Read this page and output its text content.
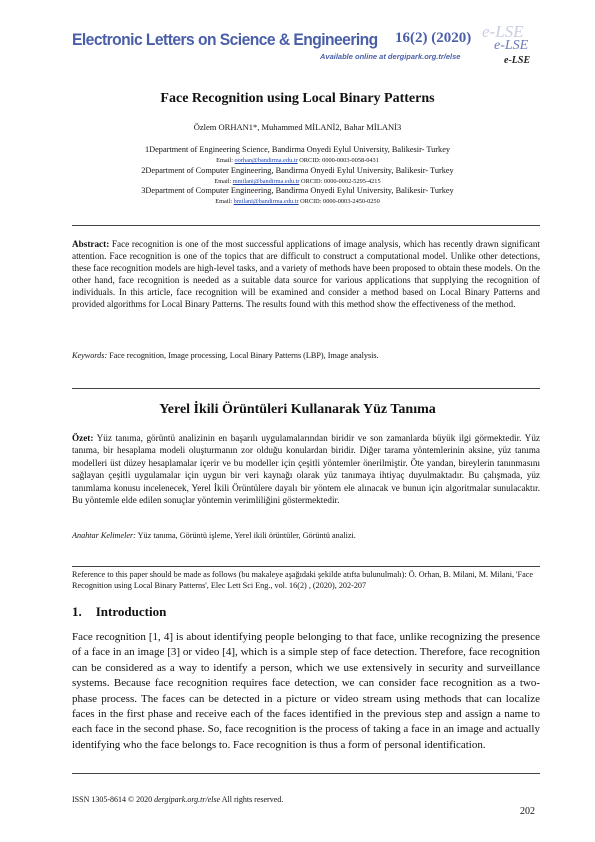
Electronic Letters on Science & Engineering 16(2) (2020)
Available online at dergipark.org.tr/else
e-LSE
e-LSE
e-LSE
Face Recognition using Local Binary Patterns
Özlem ORHAN1*, Muhammed MİLANİ2, Bahar MİLANİ3
1Department of Engineering Science, Bandirma Onyedi Eylul University, Balikesir- Turkey
Email: oorhan@bandirma.edu.tr ORCID: 0000-0003-0058-0431
2Department of Computer Engineering, Bandirma Onyedi Eylul University, Balikesir- Turkey
Email: mmilani@bandirma.edu.tr ORCID: 0000-0002-5295-4215
3Department of Computer Engineering, Bandirma Onyedi Eylul University, Balikesir- Turkey
Email: bmilani@bandirma.edu.tr ORCID: 0000-0003-2450-0250
Abstract: Face recognition is one of the most successful applications of image analysis, which has recently drawn significant attention. Face recognition is one of the topics that are difficult to construct a computational model. Unlike other detections, these face recognition models are high-level tasks, and a variety of methods have been proposed to obtain these models. On the other hand, face recognition is needed as a suitable data source for various applications that supplying the recognition of individuals. In this article, face recognition will be examined and consider a method based on Local Binary Patterns and provided algorithms for Local Binary Patterns. The results found with this method show the effectiveness of the method.
Keywords: Face recognition, Image processing, Local Binary Patterns (LBP), Image analysis.
Yerel İkili Örüntüleri Kullanarak Yüz Tanıma
Özet: Yüz tanıma, görüntü analizinin en başarılı uygulamalarından biridir ve son zamanlarda büyük ilgi görmektedir. Yüz tanıma, bir hesaplama modeli oluşturmanın zor olduğu konulardan biridir. Diğer tarama yöntemlerinin aksine, yüz tanıma modelleri üst düzey hesaplamalar içerir ve bu modeller için çeşitli yöntemler önerilmiştir. Öte yandan, bireylerin tanınmasını sağlayan çeşitli uygulamalar için uygun bir veri kaynağı olarak yüz tanımaya ihtiyaç duyulmaktadır. Bu çalışmada, yüz tanımlama konusu incelenecek, Yerel İkili Örüntülere dayalı bir yöntem ele alınacak ve bunun için algoritmalar sunulacaktır. Bu yöntemle elde edilen sonuçlar yöntemin verimliliğini göstermektedir.
Anahtar Kelimeler: Yüz tanıma, Görüntü işleme, Yerel ikili örüntüler, Görüntü analizi.
Reference to this paper should be made as follows (bu makaleye aşağıdaki şekilde atıfta bulunulmalı): Ö. Orhan, B. Milani, M. Milani, 'Face Recognition using Local Binary Patterns', Elec Lett Sci Eng., vol. 16(2) , (2020), 202-207
1. Introduction
Face recognition [1, 4] is about identifying people belonging to that face, unlike recognizing the presence of a face in an image [3] or video [4], which is a simple step of face detection. Therefore, face recognition can be considered as a way to identify a person, which we use extensively in security and surveillance systems. Because face recognition requires face detection, we can consider face recognition as a two-phase process. The faces can be detected in a picture or video stream using methods that can localize faces in the first phase and receive each of the faces identified in the previous step and assign a name to each face in the second phase. So, face recognition is the process of taking a face in an image and actually identifying who the face belongs to. Face recognition is thus a form of personal identification.
ISSN 1305-8614 © 2020 dergipark.org.tr/else All rights reserved.
202
